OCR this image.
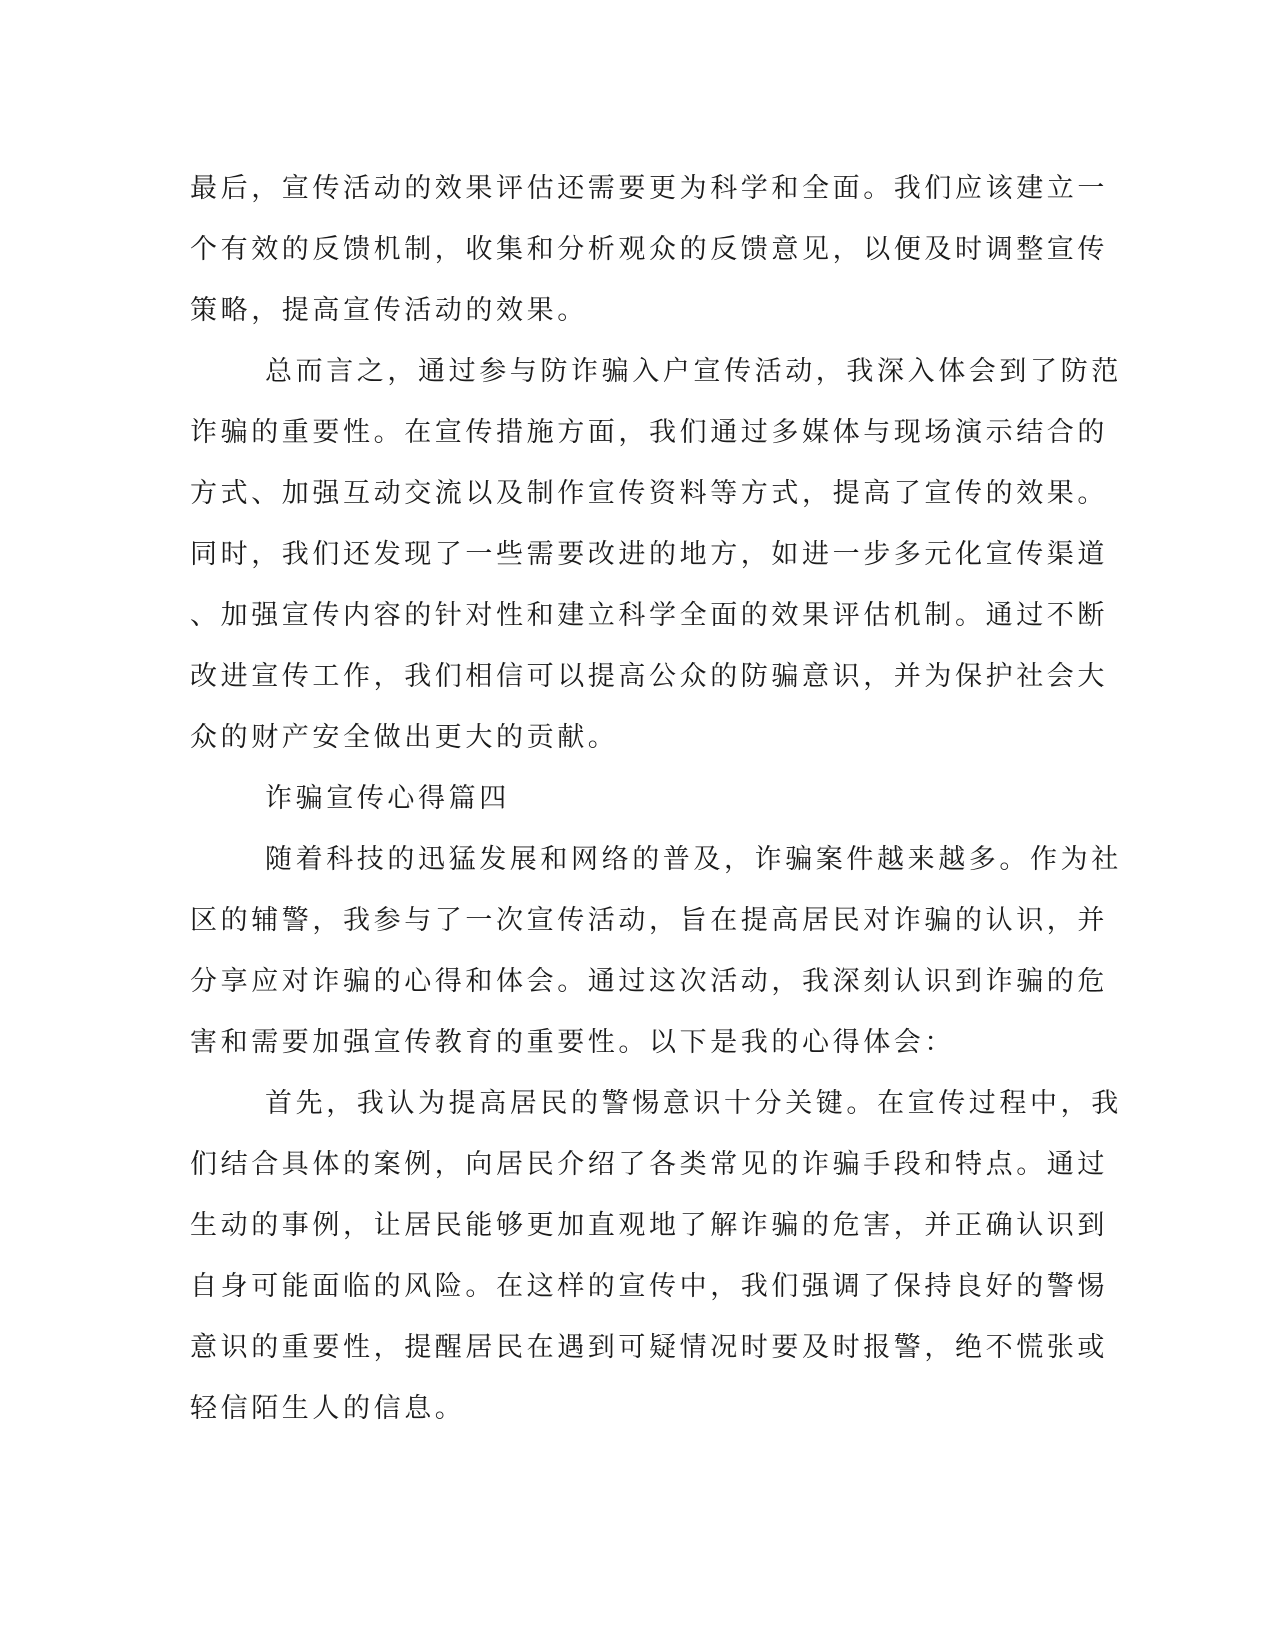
最后，宣传活动的效果评估还需要更为科学和全面。我们应该建立一
个有效的反馈机制，收集和分析观众的反馈意见，以便及时调整宣传
策略，提高宣传活动的效果。
总而言之，通过参与防诈骗入户宣传活动，我深入体会到了防范
诈骗的重要性。在宣传措施方面，我们通过多媒体与现场演示结合的
方式、加强互动交流以及制作宣传资料等方式，提高了宣传的效果。
同时，我们还发现了一些需要改进的地方，如进一步多元化宣传渠道
、加强宣传内容的针对性和建立科学全面的效果评估机制。通过不断
改进宣传工作，我们相信可以提高公众的防骗意识，并为保护社会大
众的财产安全做出更大的贡献。
诈骗宣传心得篇四
随着科技的迅猛发展和网络的普及，诈骗案件越来越多。作为社
区的辅警，我参与了一次宣传活动，旨在提高居民对诈骗的认识，并
分享应对诈骗的心得和体会。通过这次活动，我深刻认识到诈骗的危
害和需要加强宣传教育的重要性。以下是我的心得体会：
首先，我认为提高居民的警惕意识十分关键。在宣传过程中，我
们结合具体的案例，向居民介绍了各类常见的诈骗手段和特点。通过
生动的事例，让居民能够更加直观地了解诈骗的危害，并正确认识到
自身可能面临的风险。在这样的宣传中，我们强调了保持良好的警惕
意识的重要性，提醒居民在遇到可疑情况时要及时报警，绝不慌张或
轻信陌生人的信息。
